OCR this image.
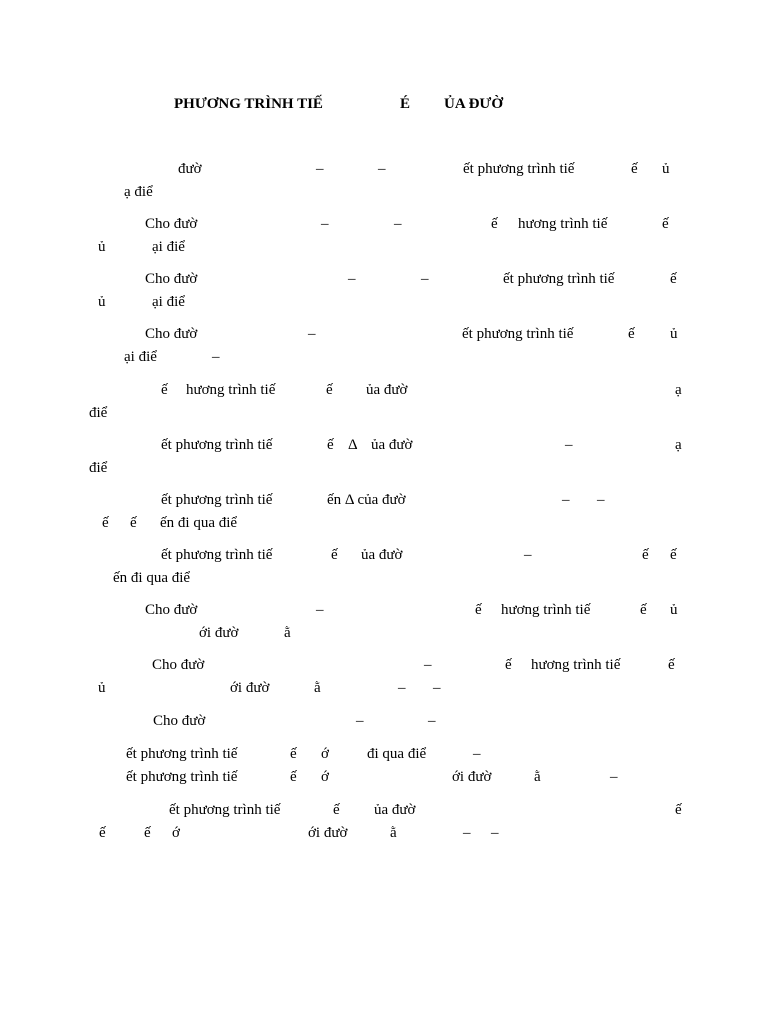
PHƯƠNG TRÌNH TIẾ	É ỦA ĐƯỜ
đườ	–	–	ết phương trình tiế	ế ủ
ạ điể
Cho đườ	–	–	ế hương trình tiế	ế
ủ	ại điể
Cho đườ	–	–	ết phương trình tiế	ế
ủ	ại điể
Cho đườ	–	ết phương trình tiế	ế ủ
ại điể	–
ế hương trình tiế	ế ủa đườ	ạ
điể
ết phương trình tiế	ế Δ ủa đườ	–	ạ
điể
ết phương trình tiế	ến Δ của đườ	– –
ế ế ến đi qua điể
ết phương trình tiế	ế ủa đườ	–	ế ế
ến đi qua điể
Cho đườ	–	ế hương trình tiế	ế ủ
ới đườ	ằ
Cho đườ	–	ế hương trình tiế	ế
ủ	ới đườ	ằ	– –
Cho đườ	–	–
ết phương trình tiế	ế ớ	đi qua điể	–
ết phương trình tiế	ế ớ	ới đườ	ằ	–
ết phương trình tiế	ế ủa đườ	ế
ế	ế ớ	ới đườ	ằ	– –
